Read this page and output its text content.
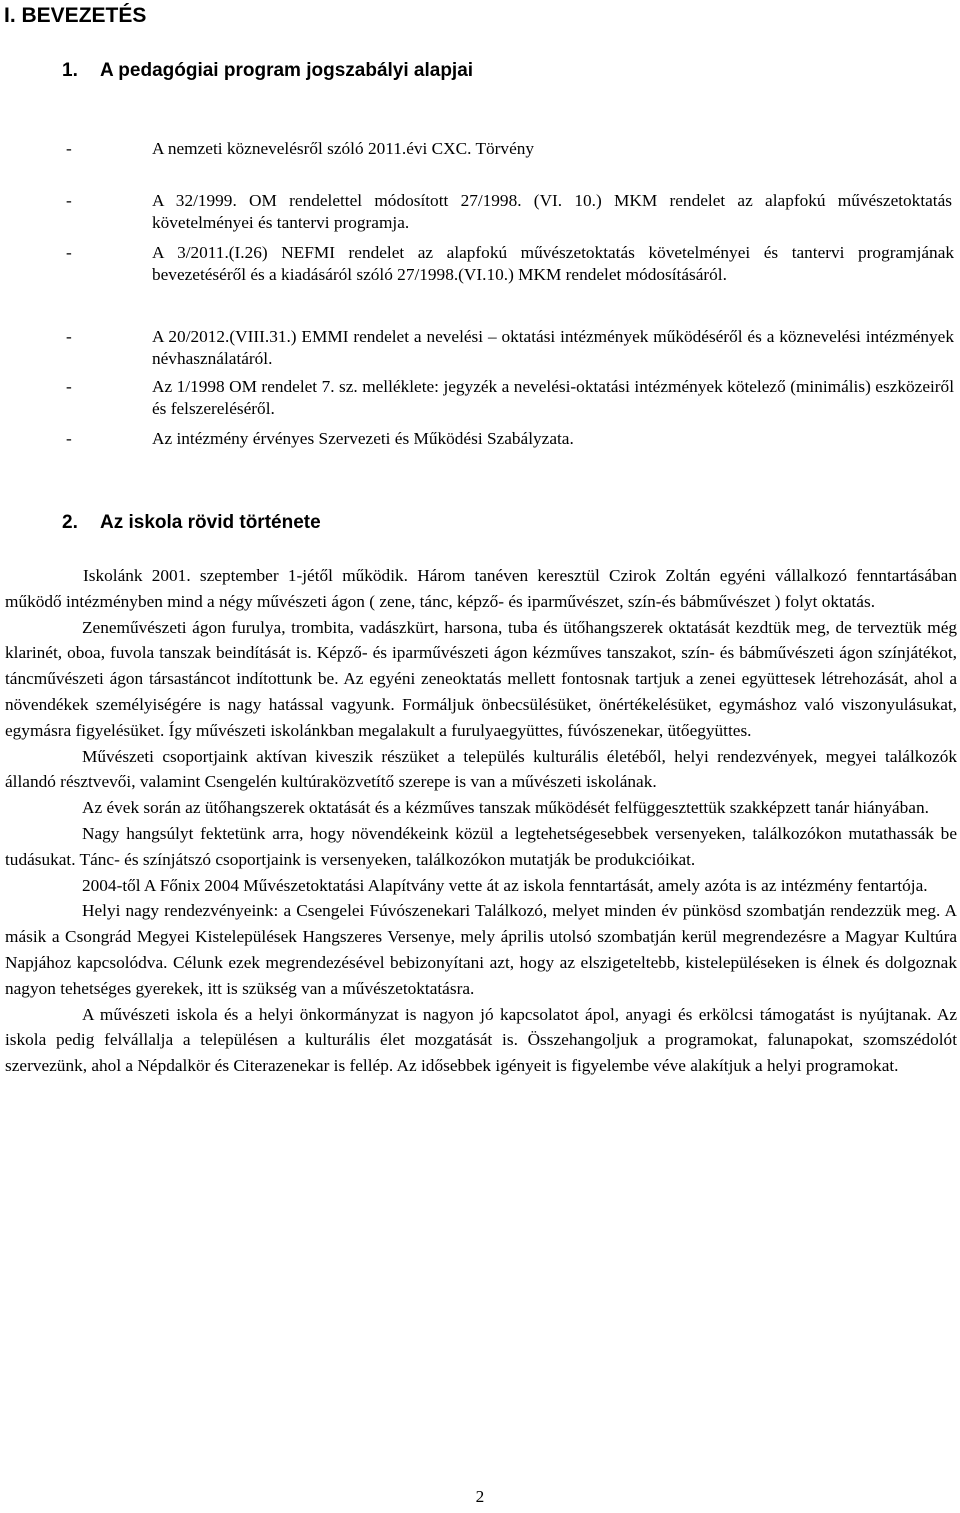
I. BEVEZETÉS
1. A pedagógiai program jogszabályi alapjai
-	A nemzeti köznevelésről szóló 2011.évi CXC. Törvény
-	A 32/1999. OM rendelettel módosított 27/1998. (VI. 10.) MKM rendelet az alapfokú művészetoktatás követelményei és tantervi programja.
-	A 3/2011.(I.26) NEFMI rendelet az alapfokú művészetoktatás követelményei és tantervi programjának bevezetéséről és a kiadásáról szóló 27/1998.(VI.10.) MKM rendelet módosításáról.
-	A 20/2012.(VIII.31.) EMMI rendelet a nevelési – oktatási intézmények működéséről és a köznevelési intézmények névhasználatáról.
-	Az 1/1998 OM rendelet 7. sz. melléklete: jegyzék a nevelési-oktatási intézmények kötelező (minimális) eszközeiről és felszereléséről.
-	Az intézmény érvényes Szervezeti és Működési Szabályzata.
2. Az iskola rövid története

Iskolánk 2001. szeptember 1-jétől működik. Három tanéven keresztül Czirok Zoltán egyéni vállalkozó fenntartásában működő intézményben mind a négy művészeti ágon ( zene, tánc, képző- és iparművészet, szín-és bábművészet ) folyt oktatás.

Zeneművészeti ágon furulya, trombita, vadászkürt, harsona, tuba és ütőhangszerek oktatását kezdtük meg, de terveztük még klarinét, oboa, fuvola tanszak beindítását is. Képző- és iparművészeti ágon kézműves tanszakot, szín- és bábművészeti ágon színjátékot, táncművészeti ágon társastáncot indítottunk be. Az egyéni zeneoktatás mellett fontosnak tartjuk a zenei együttesek létrehozását, ahol a növendékek személyiségére is nagy hatással vagyunk. Formáljuk önbecsülésüket, önértékelésüket, egymáshoz való viszonyulásukat, egymásra figyelésüket. Így művészeti iskolánkban megalakult a furulyaegyüttes, fúvószenekar, ütőegyüttes.

Művészeti csoportjaink aktívan kiveszik részüket a település kulturális életéből, helyi rendezvények, megyei találkozók állandó résztvevői, valamint Csengelén kultúraközvetítő szerepe is van a művészeti iskolának.

Az évek során az ütőhangszerek oktatását és a kézműves tanszak működését felfüggesztettük szakképzett tanár hiányában.

Nagy hangsúlyt fektetünk arra, hogy növendékeink közül a legtehetségesebbek versenyeken, találkozókon mutathassák be tudásukat. Tánc- és színjátszó csoportjaink is versenyeken, találkozókon mutatják be produkcióikat.

2004-től A Főnix 2004 Művészetoktatási Alapítvány vette át az iskola fenntartását, amely azóta is az intézmény fentartója.

Helyi nagy rendezvényeink: a Csengelei Fúvószenekari Találkozó, melyet minden év pünkösd szombatján rendezzük meg. A másik a Csongrád Megyei Kistelepülések Hangszeres Versenye, mely április utolsó szombatján kerül megrendezésre a Magyar Kultúra Napjához kapcsolódva. Célunk ezek megrendezésével bebizonyítani azt, hogy az elszigeteltebb, kistelepüléseken is élnek és dolgoznak nagyon tehetséges gyerekek, itt is szükség van a művészetoktatásra.

A művészeti iskola és a helyi önkormányzat is nagyon jó kapcsolatot ápol, anyagi és erkölcsi támogatást is nyújtanak. Az iskola pedig felvállalja a településen a kulturális élet mozgatását is. Összehangoljuk a programokat, falunapokat, szomszédolót szervezünk, ahol a Népdalkör és Citerazenekar is fellép. Az idősebbek igényeit is figyelembe véve alakítjuk a helyi programokat.

2
